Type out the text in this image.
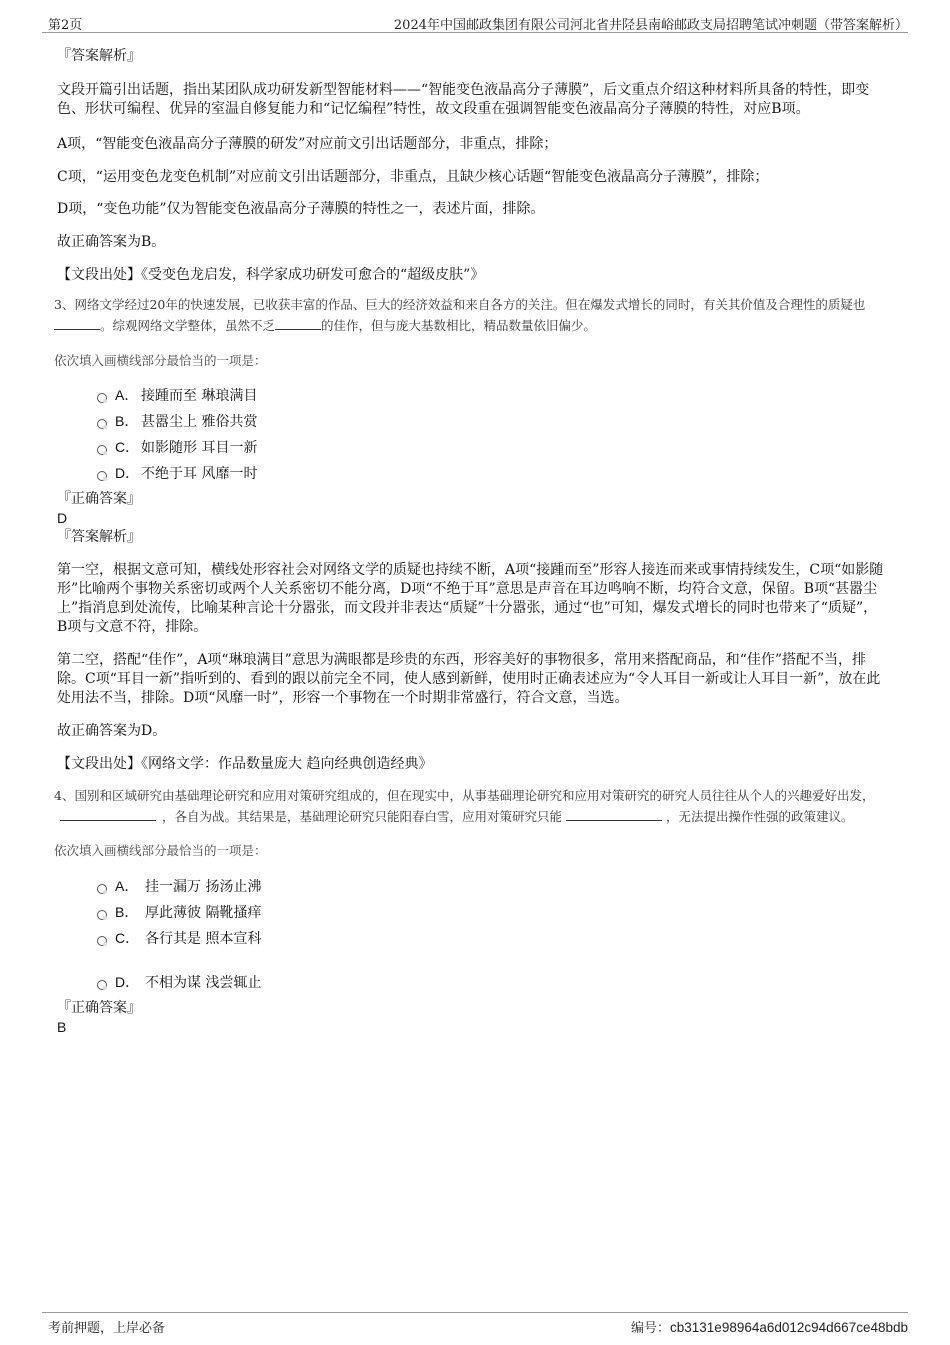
第2页	2024年中国邮政集团有限公司河北省井陉县南峪邮政支局招聘笔试冲刺题（带答案解析）

『答案解析』

文段开篇引出话题，指出某团队成功研发新型智能材料——“智能变色液晶高分子薄膜”，后文重点介绍这种材料所具备的特性，即变色、形状可编程、优异的室温自修复能力和“记忆编程”特性，故文段重在强调智能变色液晶高分子薄膜的特性，对应B项。

A项，“智能变色液晶高分子薄膜的研发”对应前文引出话题部分，非重点，排除；

C项，“运用变色龙变色机制”对应前文引出话题部分，非重点，且缺少核心话题“智能变色液晶高分子薄膜”，排除；

D项，“变色功能”仅为智能变色液晶高分子薄膜的特性之一，表述片面，排除。

故正确答案为B。

【文段出处】《受变色龙启发，科学家成功研发可愈合的“超级皮肤”》

3、网络文学经过20年的快速发展，已收获丰富的作品、巨大的经济效益和来自各方的关注。但在爆发式增长的同时，有关其价值及合理性的质疑也。综观网络文学整体，虽然不乏	的佳作，但与庞大基数相比，精品数量依旧偏少。

依次填入画横线部分最恰当的一项是：

A． 接踵而至 琳琅满目
B． 甚嚣尘上 雅俗共赏
C． 如影随形 耳目一新
D． 不绝于耳 风靡一时

『正确答案』

D

『答案解析』

第一空，根据文意可知，横线处形容社会对网络文学的质疑也持续不断，A项“接踵而至”形容人接连而来或事情持续发生，C项“如影随形”比喻两个事物关系密切或两个人关系密切不能分离，D项“不绝于耳”意思是声音在耳边鸣响不断，均符合文意，保留。B项“甚嚣尘上”指消息到处流传，比喻某种言论十分嚣张，而文段并非表达“质疑”十分嚣张，通过“也”可知，爆发式增长的同时也带来了“质疑”，B项与文意不符，排除。

第二空，搭配“佳作”，A项“琳琅满目”意思为满眼都是珍贵的东西，形容美好的事物很多，常用来搭配商品，和“佳作”搭配不当，排除。C项“耳目一新”指听到的、看到的跟以前完全不同，使人感到新鲜，使用时正确表述应为“令人耳目一新或让人耳目一新”，放在此处用法不当，排除。D项“风靡一时”，形容一个事物在一个时期非常盛行，符合文意，当选。

故正确答案为D。

【文段出处】《网络文学：作品数量庞大 趋向经典创造经典》

4、国别和区域研究由基础理论研究和应用对策研究组成的，但在现实中，从事基础理论研究和应用对策研究的研究人员往往从个人的兴趣爱好出发，，各自为战。其结果是，基础理论研究只能阳春白雪，应用对策研究只能	，无法提出操作性强的政策建议。

依次填入画横线部分最恰当的一项是：

A． 挂一漏万 扬汤止沸
B． 厚此薄彼 隔靴搔痒
C． 各行其是 照本宣科
D． 不相为谋 浅尝辄止

『正确答案』

B

考前押题，上岸必备	编号：cb3131e98964a6d012c94d667ce48bdb
